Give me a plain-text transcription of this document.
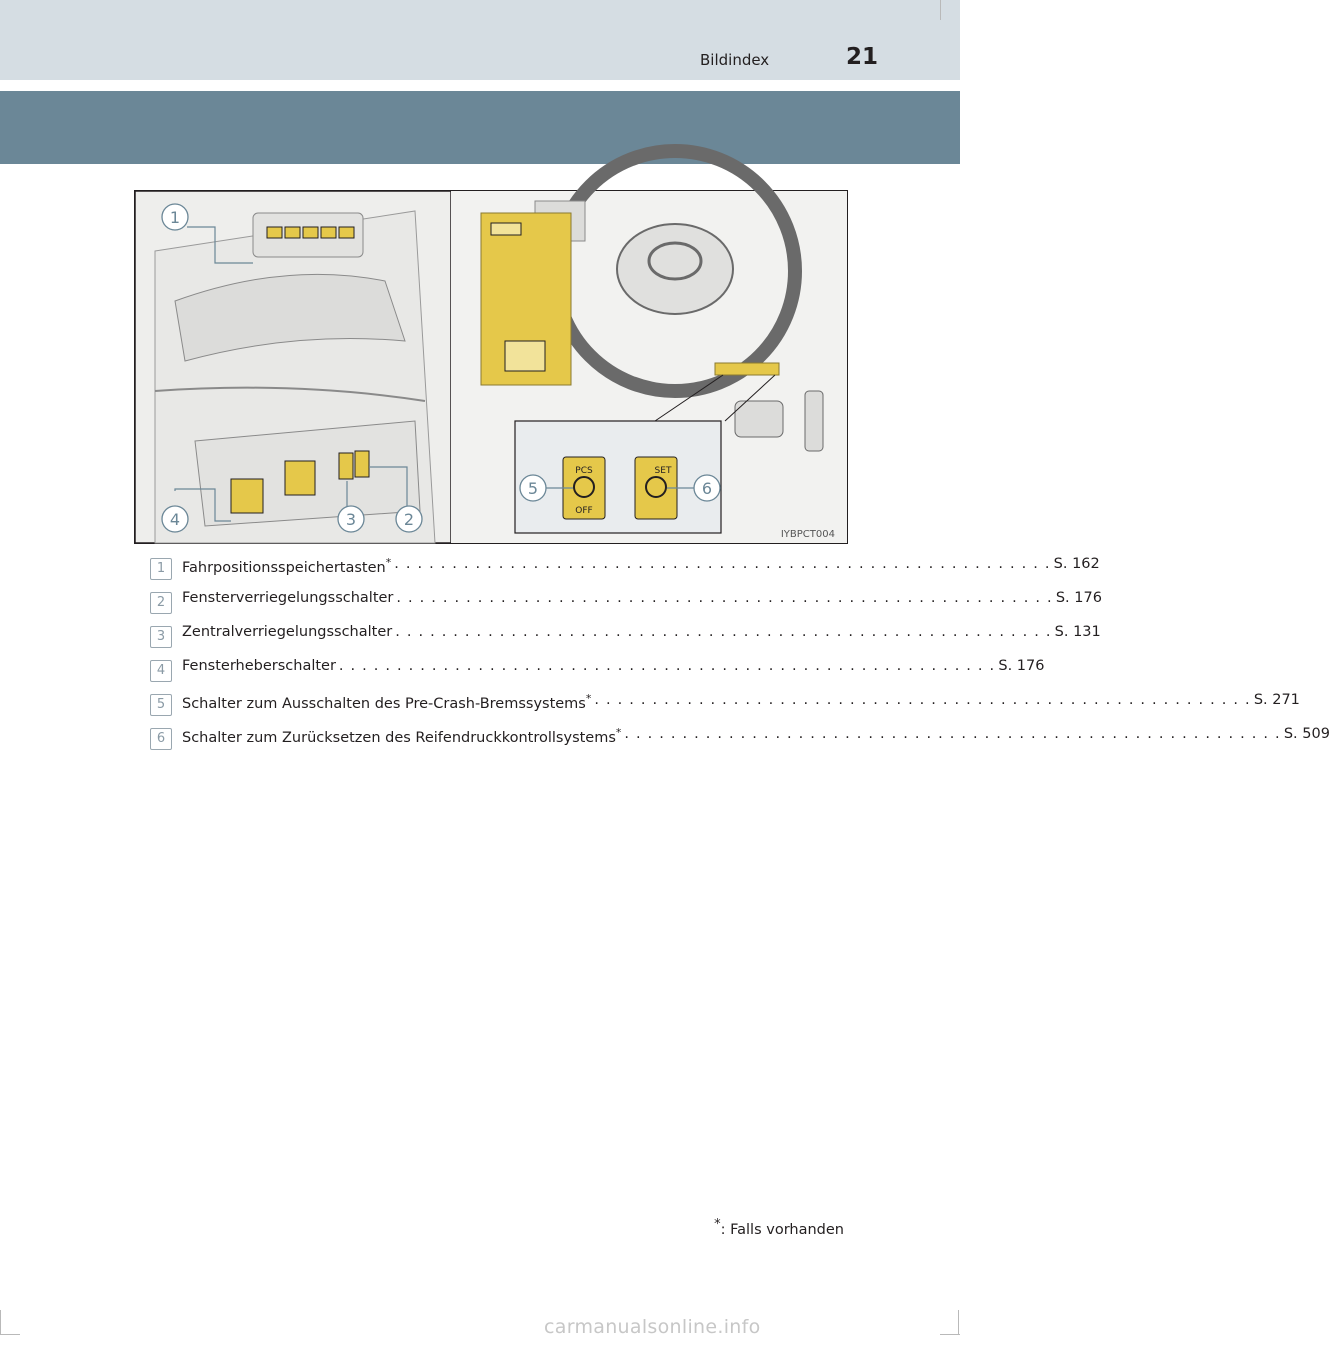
Bildindex	21
PCS
OFF
SET
1
2
3
4
5	6
IYBPCT004
1	Fahrpositionsspeichertasten* . . . . . . . . . . . . . . . . . . . . . . . . . . . . . . . . . . . . . . . . . . . . . . . . . . . . . . . . . S. 162
2	Fensterverriegelungsschalter . . . . . . . . . . . . . . . . . . . . . . . . . . . . . . . . . . . . . . . . . . . . . . . . . . . . . . . . . S. 176
3	Zentralverriegelungsschalter . . . . . . . . . . . . . . . . . . . . . . . . . . . . . . . . . . . . . . . . . . . . . . . . . . . . . . . . . S. 131
4	Fensterheberschalter . . . . . . . . . . . . . . . . . . . . . . . . . . . . . . . . . . . . . . . . . . . . . . . . . . . . . . . . . S. 176
5	Schalter zum Ausschalten des Pre-Crash-Bremssystems* . . . . . . . . . . . . . . . . . . . . . . . . . . . . . . . . . . . . . . . . . . . . . . . . . . . . . . . . . S. 271
6	Schalter zum Zurücksetzen des Reifendruckkontrollsystems* . . . . . . . . . . . . . . . . . . . . . . . . . . . . . . . . . . . . . . . . . . . . . . . . . . . . . . . . . S. 509
*: Falls vorhanden
carmanualsonline.info
